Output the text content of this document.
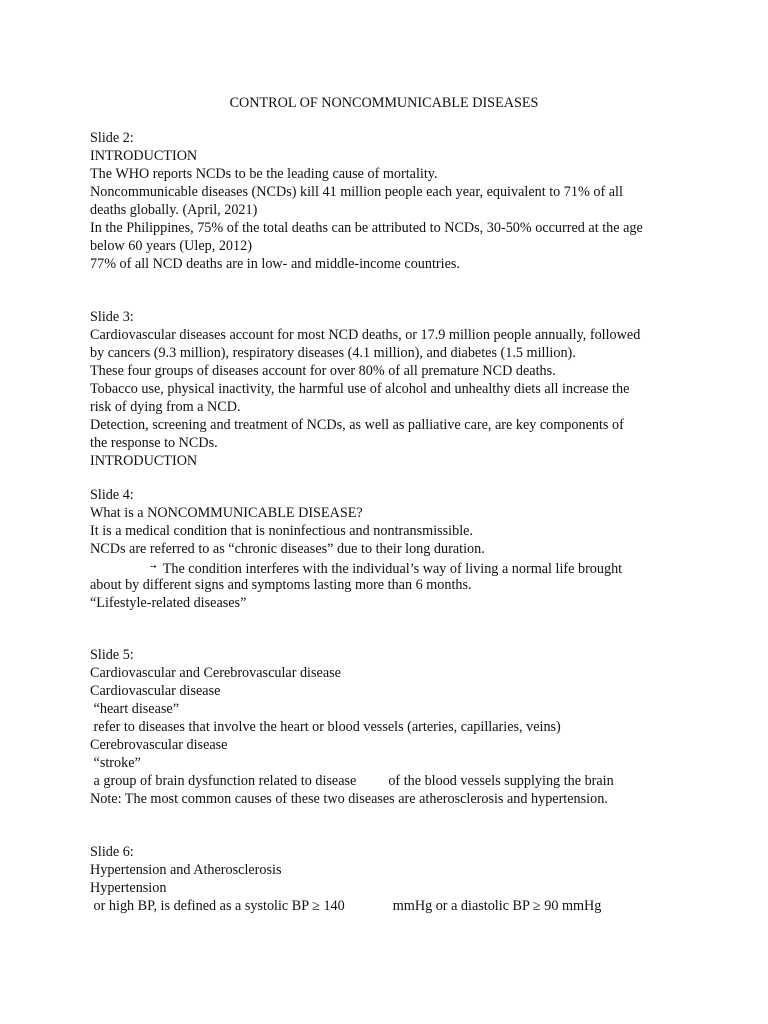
CONTROL OF NONCOMMUNICABLE DISEASES
Slide 2:
INTRODUCTION
The WHO reports NCDs to be the leading cause of mortality.
Noncommunicable diseases (NCDs) kill 41 million people each year, equivalent to 71% of all
deaths globally. (April, 2021)
In the Philippines, 75% of the total deaths can be attributed to NCDs, 30-50% occurred at the age
below 60 years (Ulep, 2012)
77% of all NCD deaths are in low- and middle-income countries.
Slide 3:
Cardiovascular diseases account for most NCD deaths, or 17.9 million people annually, followed
by cancers (9.3 million), respiratory diseases (4.1 million), and diabetes (1.5 million).
These four groups of diseases account for over 80% of all premature NCD deaths.
Tobacco use, physical inactivity, the harmful use of alcohol and unhealthy diets all increase the
risk of dying from a NCD.
Detection, screening and treatment of NCDs, as well as palliative care, are key components of
the response to NCDs.
INTRODUCTION
Slide 4:
What is a NONCOMMUNICABLE DISEASE?
It is a medical condition that is noninfectious and nontransmissible.
NCDs are referred to as “chronic diseases” due to their long duration.
➙ The condition interferes with the individual’s way of living a normal life brought
about by different signs and symptoms lasting more than 6 months.
“Lifestyle-related diseases”
Slide 5:
Cardiovascular and Cerebrovascular disease
Cardiovascular disease
“heart disease”
refer to diseases that involve the heart or blood vessels (arteries, capillaries, veins)
Cerebrovascular disease
“stroke”
a group of brain dysfunction related to disease of the blood vessels supplying the brain
Note: The most common causes of these two diseases are atherosclerosis and hypertension.
Slide 6:
Hypertension and Atherosclerosis
Hypertension
or high BP, is defined as a systolic BP ≥ 140	mmHg or a diastolic BP ≥ 90 mmHg
